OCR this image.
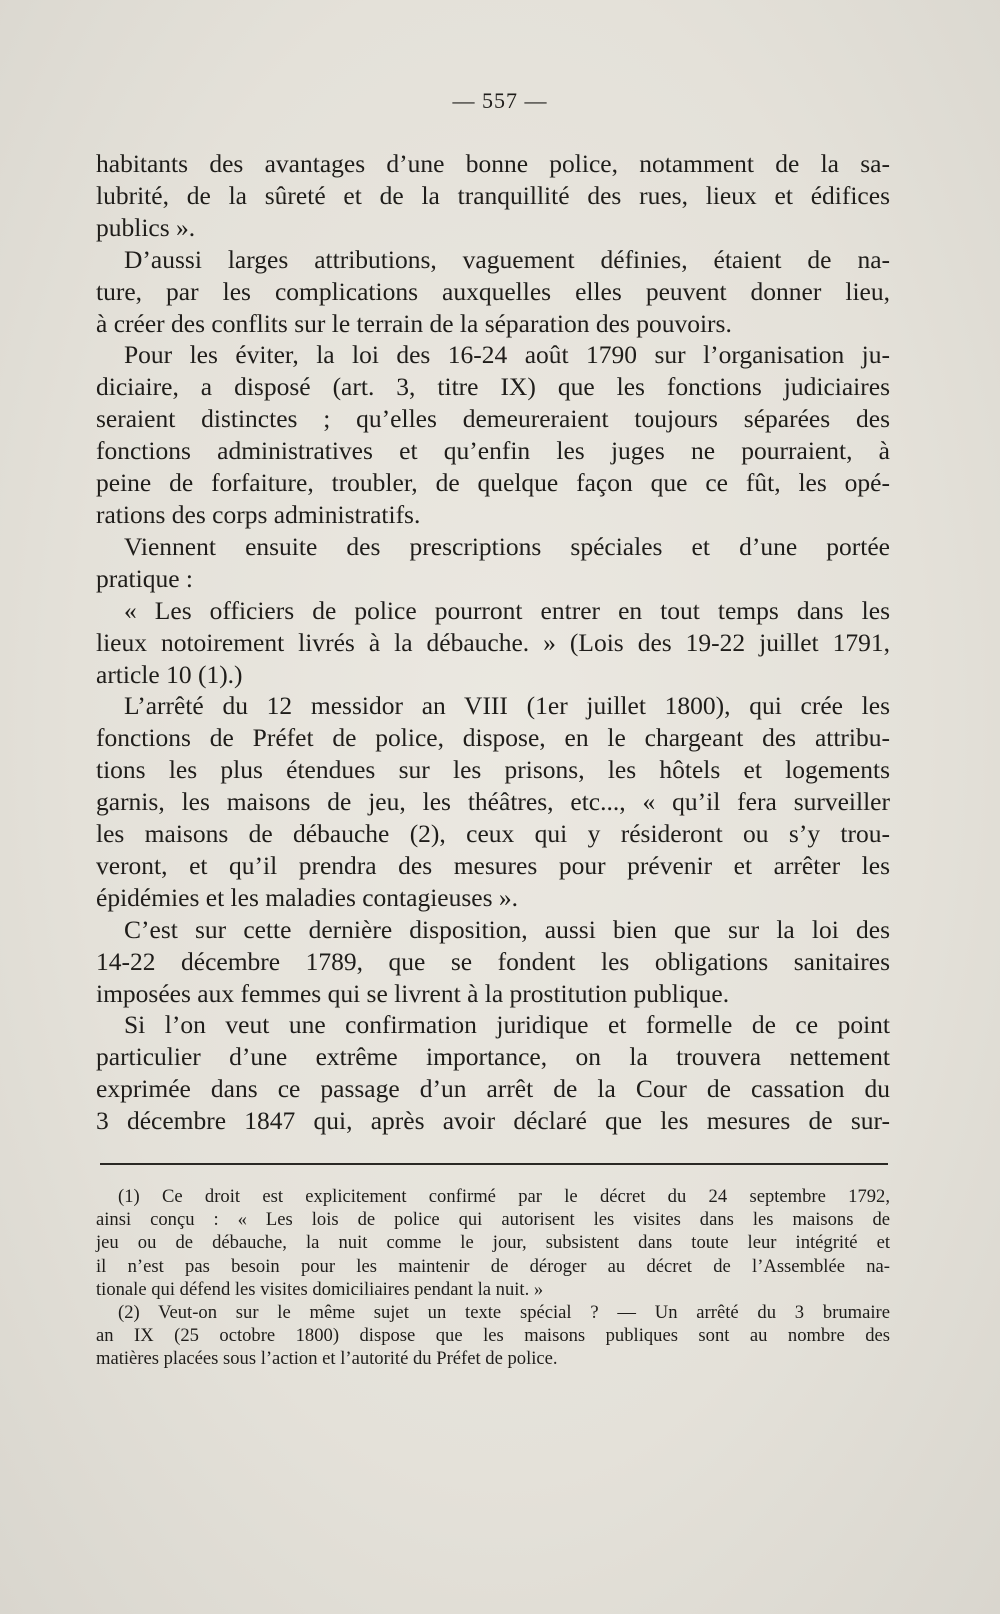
— 557 —

habitants des avantages d’une bonne police, notamment de la sa-

lubrité, de la sûreté et de la tranquillité des rues, lieux et édifices

publics ».

D’aussi larges attributions, vaguement définies, étaient de na-

ture, par les complications auxquelles elles peuvent donner lieu,

à créer des conflits sur le terrain de la séparation des pouvoirs.

Pour les éviter, la loi des 16-24 août 1790 sur l’organisation ju-

diciaire, a disposé (art. 3, titre IX) que les fonctions judiciaires

seraient distinctes ; qu’elles demeureraient toujours séparées des

fonctions administratives et qu’enfin les juges ne pourraient, à

peine de forfaiture, troubler, de quelque façon que ce fût, les opé-

rations des corps administratifs.

Viennent ensuite des prescriptions spéciales et d’une portée

pratique :

« Les officiers de police pourront entrer en tout temps dans les

lieux notoirement livrés à la débauche. » (Lois des 19-22 juillet 1791,

article 10 (1).)

L’arrêté du 12 messidor an VIII (1er juillet 1800), qui crée les

fonctions de Préfet de police, dispose, en le chargeant des attribu-

tions les plus étendues sur les prisons, les hôtels et logements

garnis, les maisons de jeu, les théâtres, etc..., « qu’il fera surveiller

les maisons de débauche (2), ceux qui y résideront ou s’y trou-

veront, et qu’il prendra des mesures pour prévenir et arrêter les

épidémies et les maladies contagieuses ».

C’est sur cette dernière disposition, aussi bien que sur la loi des

14-22 décembre 1789, que se fondent les obligations sanitaires

imposées aux femmes qui se livrent à la prostitution publique.

Si l’on veut une confirmation juridique et formelle de ce point

particulier d’une extrême importance, on la trouvera nettement

exprimée dans ce passage d’un arrêt de la Cour de cassation du

3 décembre 1847 qui, après avoir déclaré que les mesures de sur-

(1) Ce droit est explicitement confirmé par le décret du 24 septembre 1792,

ainsi conçu : « Les lois de police qui autorisent les visites dans les maisons de

jeu ou de débauche, la nuit comme le jour, subsistent dans toute leur intégrité et

il n’est pas besoin pour les maintenir de déroger au décret de l’Assemblée na-

tionale qui défend les visites domiciliaires pendant la nuit. »

(2) Veut-on sur le même sujet un texte spécial ? — Un arrêté du 3 brumaire

an IX (25 octobre 1800) dispose que les maisons publiques sont au nombre des

matières placées sous l’action et l’autorité du Préfet de police.
